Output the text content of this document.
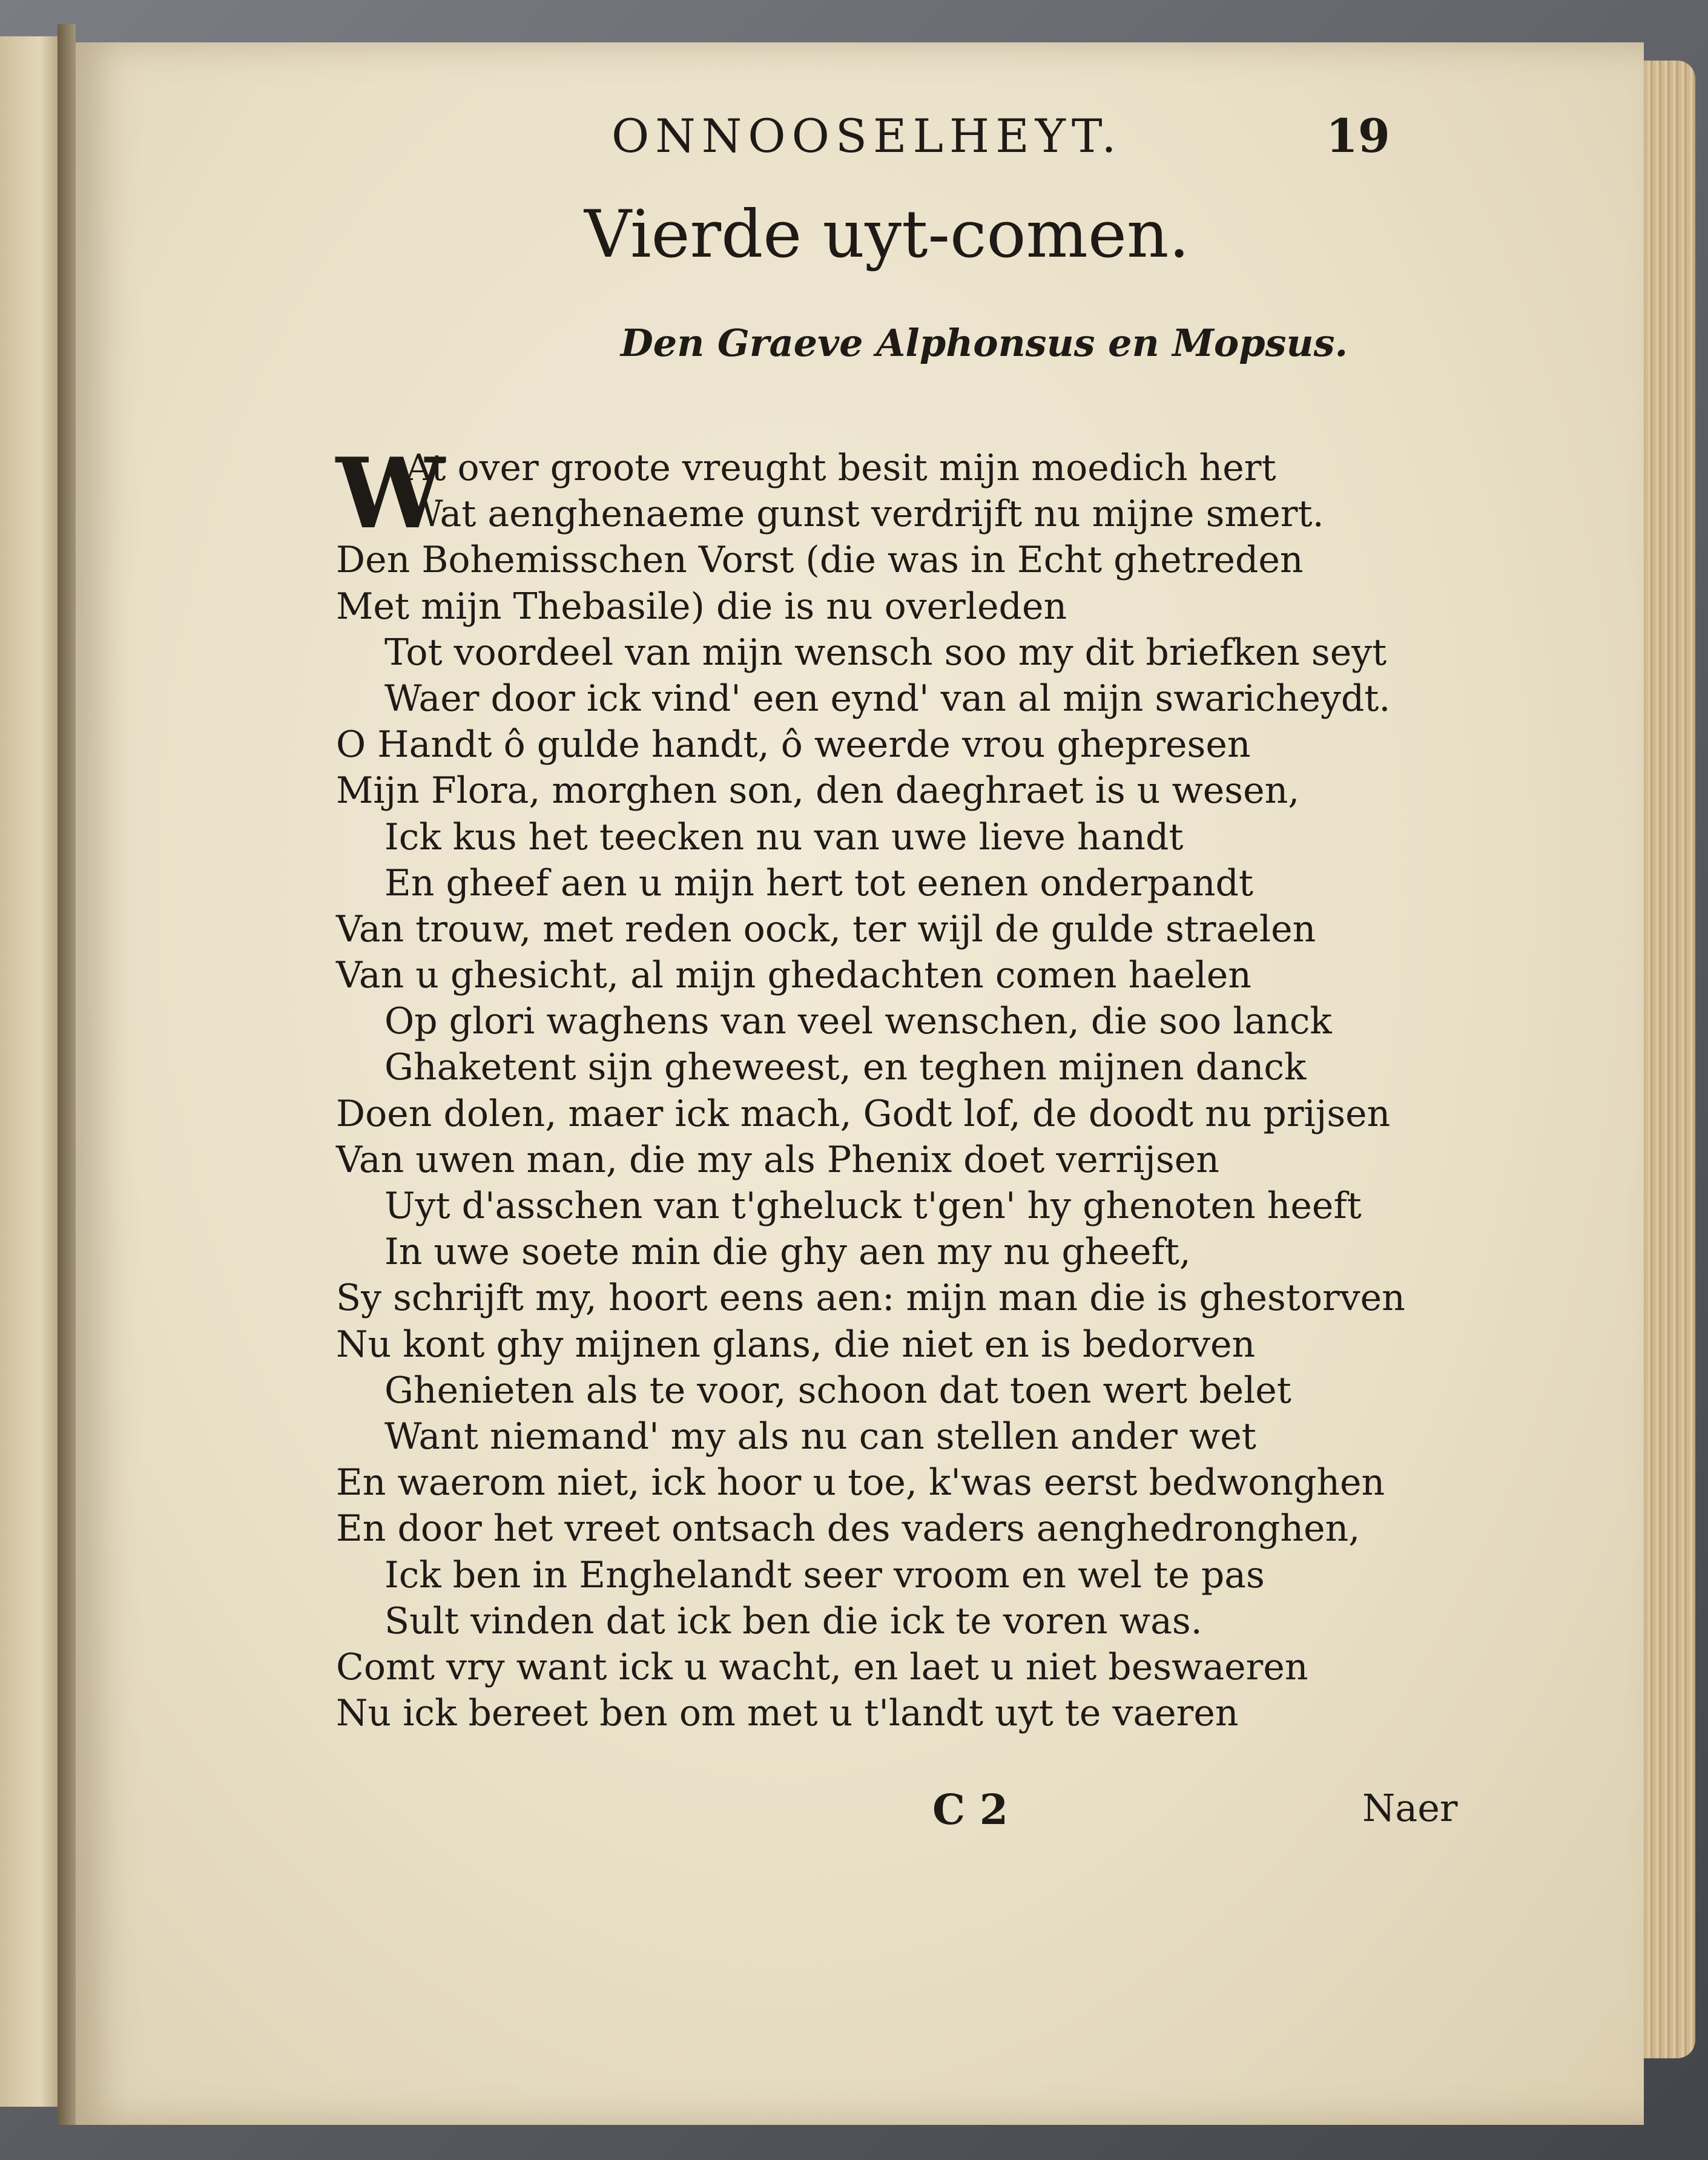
ONNOOSELHEYT.	19
Vierde uyt-comen.
Den Graeve Alphonsus en Mopsus.
W
At over groote vreught besit mijn moedich hert
Wat aenghenaeme gunst verdrijft nu mijne smert.
Den Bohemisschen Vorst (die was in Echt ghetreden
Met mijn Thebasile) die is nu overleden
Tot voordeel van mijn wensch soo my dit briefken seyt
Waer door ick vind' een eynd' van al mijn swaricheydt.
O Handt ô gulde handt, ô weerde vrou ghepresen
Mijn Flora, morghen son, den daeghraet is u wesen,
Ick kus het teecken nu van uwe lieve handt
En gheef aen u mijn hert tot eenen onderpandt
Van trouw, met reden oock, ter wijl de gulde straelen
Van u ghesicht, al mijn ghedachten comen haelen
Op glori waghens van veel wenschen, die soo lanck
Ghaketent sijn gheweest, en teghen mijnen danck
Doen dolen, maer ick mach, Godt lof, de doodt nu prijsen
Van uwen man, die my als Phenix doet verrijsen
Uyt d'asschen van t'gheluck t'gen' hy ghenoten heeft
In uwe soete min die ghy aen my nu gheeft,
Sy schrijft my, hoort eens aen: mijn man die is ghestorven
Nu kont ghy mijnen glans, die niet en is bedorven
Ghenieten als te voor, schoon dat toen wert belet
Want niemand' my als nu can stellen ander wet
En waerom niet, ick hoor u toe, k'was eerst bedwonghen
En door het vreet ontsach des vaders aenghedronghen,
Ick ben in Enghelandt seer vroom en wel te pas
Sult vinden dat ick ben die ick te voren was.
Comt vry want ick u wacht, en laet u niet beswaeren
Nu ick bereet ben om met u t'landt uyt te vaeren
C 2	Naer
